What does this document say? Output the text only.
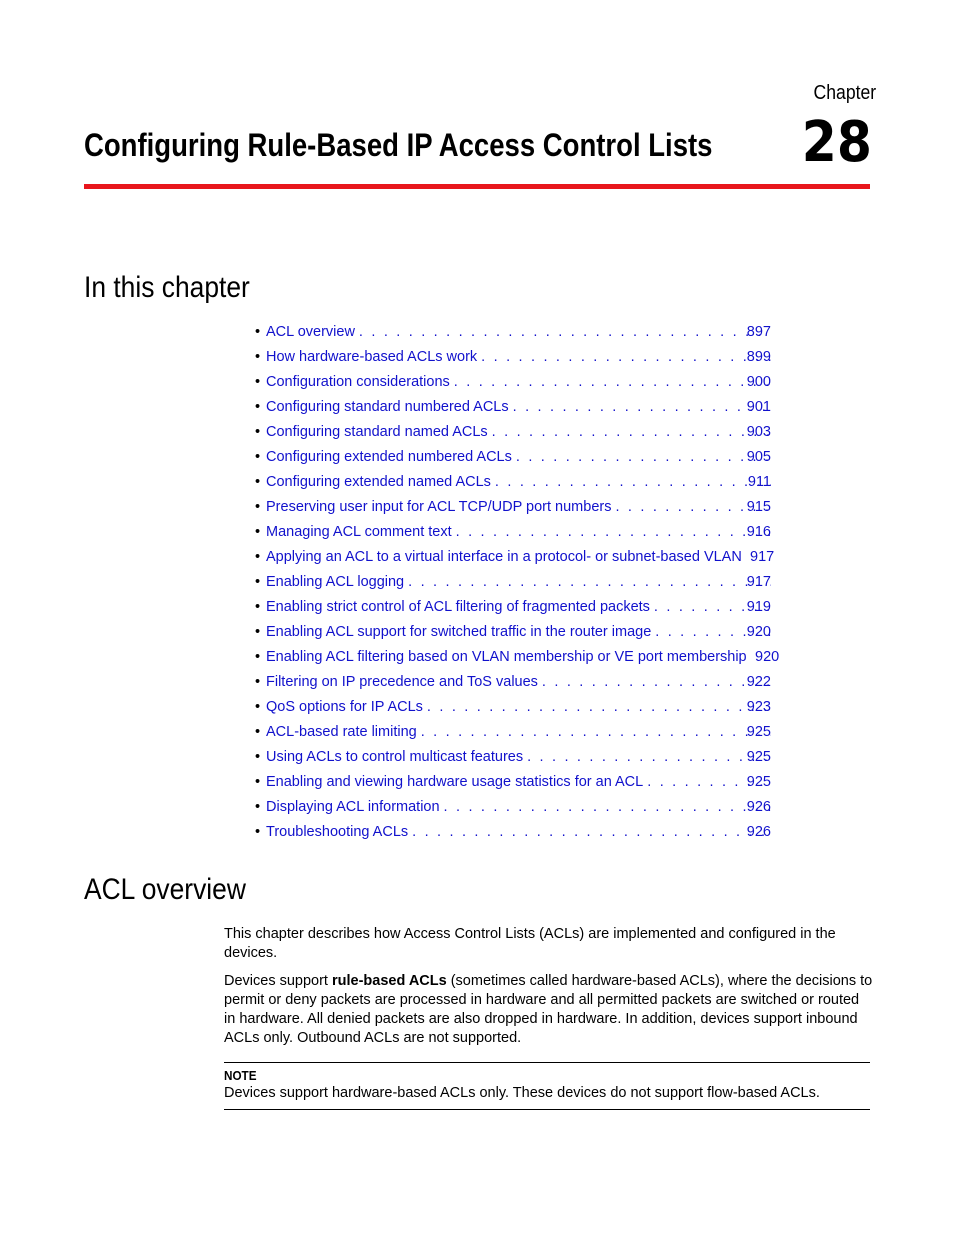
Chapter
28
Configuring Rule-Based IP Access Control Lists
In this chapter
• ACL overview . . .	897
• How hardware-based ACLs work . . .	899
• Configuration considerations . . .	900
• Configuring standard numbered ACLs . . .	901
• Configuring standard named ACLs . . .	903
• Configuring extended numbered ACLs . . .	905
• Configuring extended named ACLs . . .	911
• Preserving user input for ACL TCP/UDP port numbers . . .	915
• Managing ACL comment text . . .	916
• Applying an ACL to a virtual interface in a protocol- or subnet-based VLAN 917
• Enabling ACL logging . . .	917
• Enabling strict control of ACL filtering of fragmented packets . . .	919
• Enabling ACL support for switched traffic in the router image . . .	920
• Enabling ACL filtering based on VLAN membership or VE port membership 920
• Filtering on IP precedence and ToS values . . .	922
• QoS options for IP ACLs . . .	923
• ACL-based rate limiting . . .	925
• Using ACLs to control multicast features . . .	925
• Enabling and viewing hardware usage statistics for an ACL . . .	925
• Displaying ACL information . . .	926
• Troubleshooting ACLs . . .	926
ACL overview

This chapter describes how Access Control Lists (ACLs) are implemented and configured in the devices.

Devices support rule-based ACLs (sometimes called hardware-based ACLs), where the decisions to permit or deny packets are processed in hardware and all permitted packets are switched or routed in hardware. All denied packets are also dropped in hardware. In addition, devices support inbound ACLs only. Outbound ACLs are not supported.

NOTE
Devices support hardware-based ACLs only. These devices do not support flow-based ACLs.
